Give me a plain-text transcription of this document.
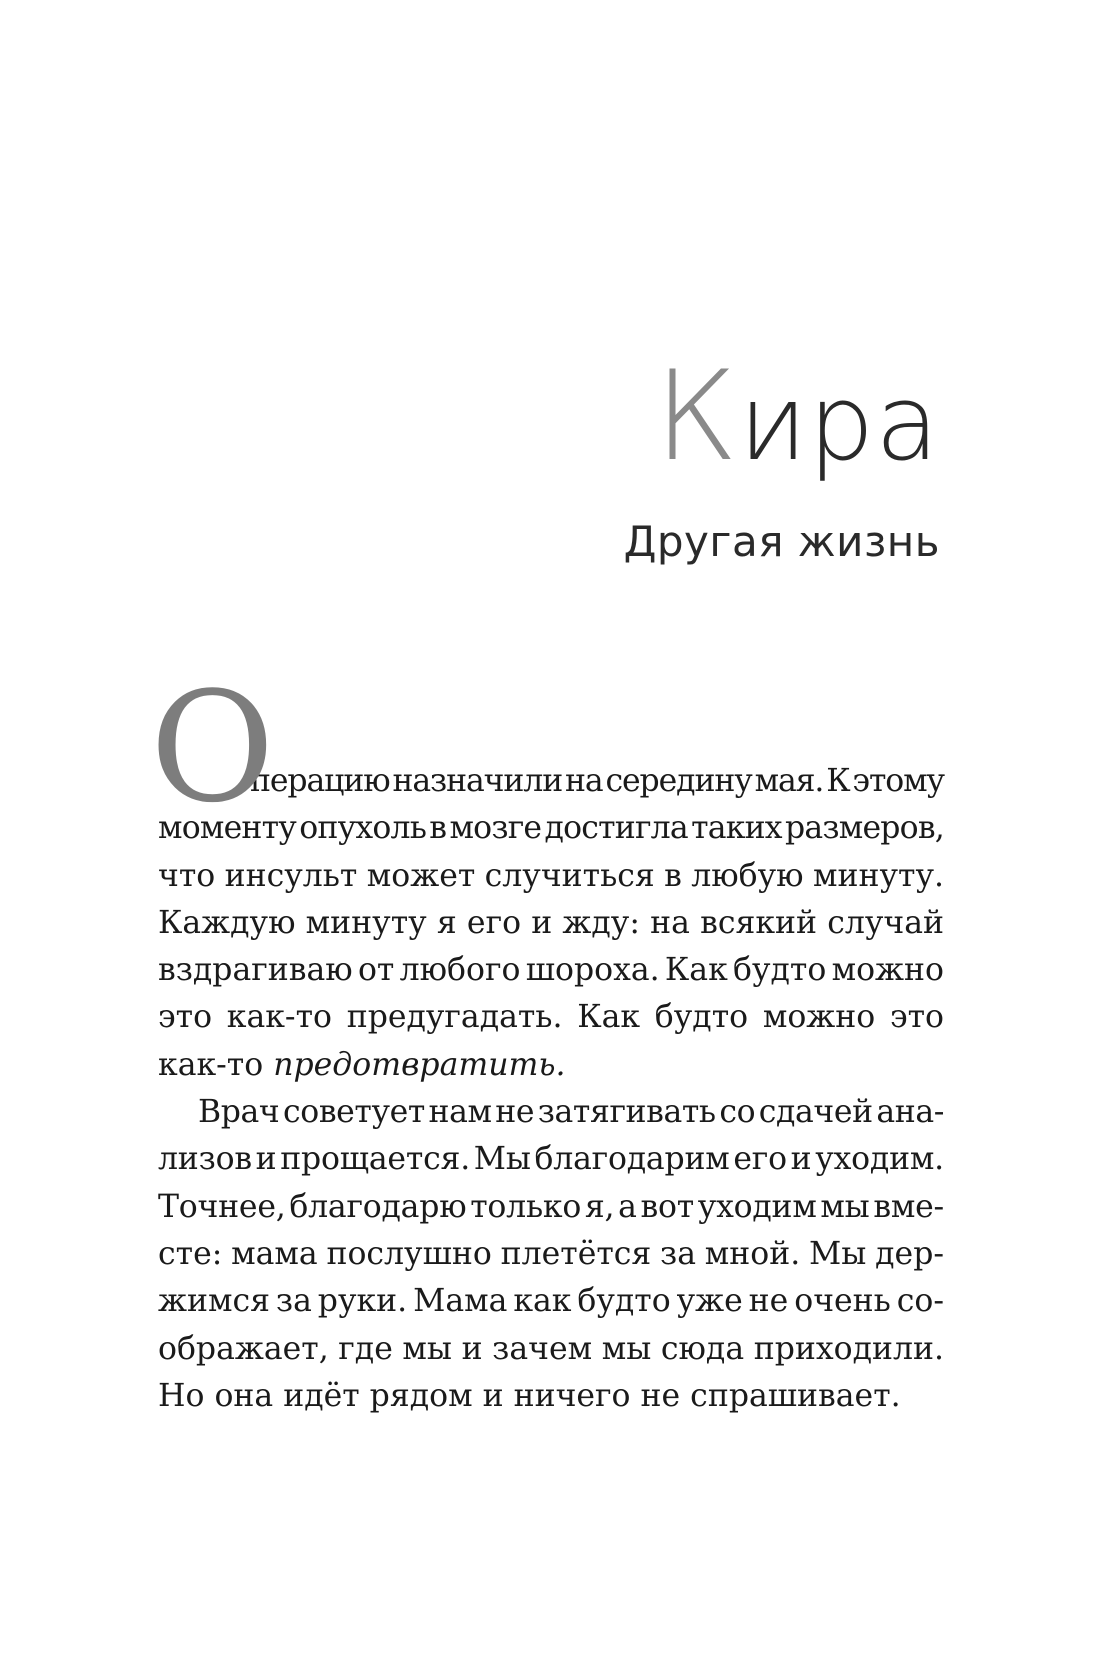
Кира
Другая жизнь
О
перацию назначили на середину мая. К этому
моменту опухоль в мозге достигла таких размеров,
что инсульт может случиться в любую минуту.
Каждую минуту я его и жду: на всякий случай
вздрагиваю от любого шороха. Как будто можно
это как-то предугадать. Как будто можно это
как-то предотвратить.
Врач советует нам не затягивать со сдачей ана-
лизов и прощается. Мы благодарим его и уходим.
Точнее, благодарю только я, а вот уходим мы вме-
сте: мама послушно плетётся за мной. Мы дер-
жимся за руки. Мама как будто уже не очень со-
ображает, где мы и зачем мы сюда приходили.
Но она идёт рядом и ничего не спрашивает.
